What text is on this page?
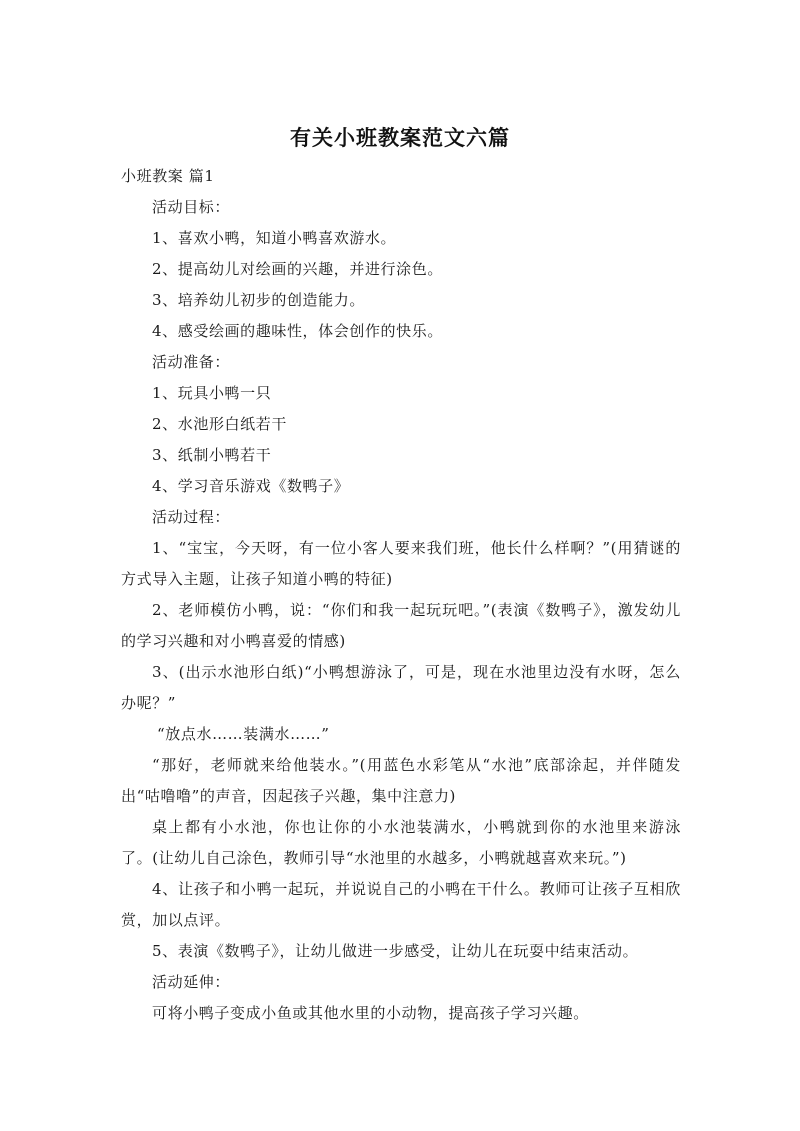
有关小班教案范文六篇
小班教案 篇1
活动目标：
1、喜欢小鸭，知道小鸭喜欢游水。
2、提高幼儿对绘画的兴趣，并进行涂色。
3、培养幼儿初步的创造能力。
4、感受绘画的趣味性，体会创作的快乐。
活动准备：
1、玩具小鸭一只
2、水池形白纸若干
3、纸制小鸭若干
4、学习音乐游戏《数鸭子》
活动过程：
1、“宝宝，今天呀，有一位小客人要来我们班，他长什么样啊？”(用猜谜的方式导入主题，让孩子知道小鸭的特征)
2、老师模仿小鸭，说：“你们和我一起玩玩吧。”(表演《数鸭子》，激发幼儿的学习兴趣和对小鸭喜爱的情感)
3、(出示水池形白纸)“小鸭想游泳了，可是，现在水池里边没有水呀，怎么办呢？”
“放点水……装满水……”
“那好，老师就来给他装水。”(用蓝色水彩笔从“水池”底部涂起，并伴随发出“咕噜噜”的声音，因起孩子兴趣，集中注意力)
桌上都有小水池，你也让你的小水池装满水，小鸭就到你的水池里来游泳了。(让幼儿自己涂色，教师引导“水池里的水越多，小鸭就越喜欢来玩。”)
4、让孩子和小鸭一起玩，并说说自己的小鸭在干什么。教师可让孩子互相欣赏，加以点评。
5、表演《数鸭子》，让幼儿做进一步感受，让幼儿在玩耍中结束活动。
活动延伸：
可将小鸭子变成小鱼或其他水里的小动物，提高孩子学习兴趣。
